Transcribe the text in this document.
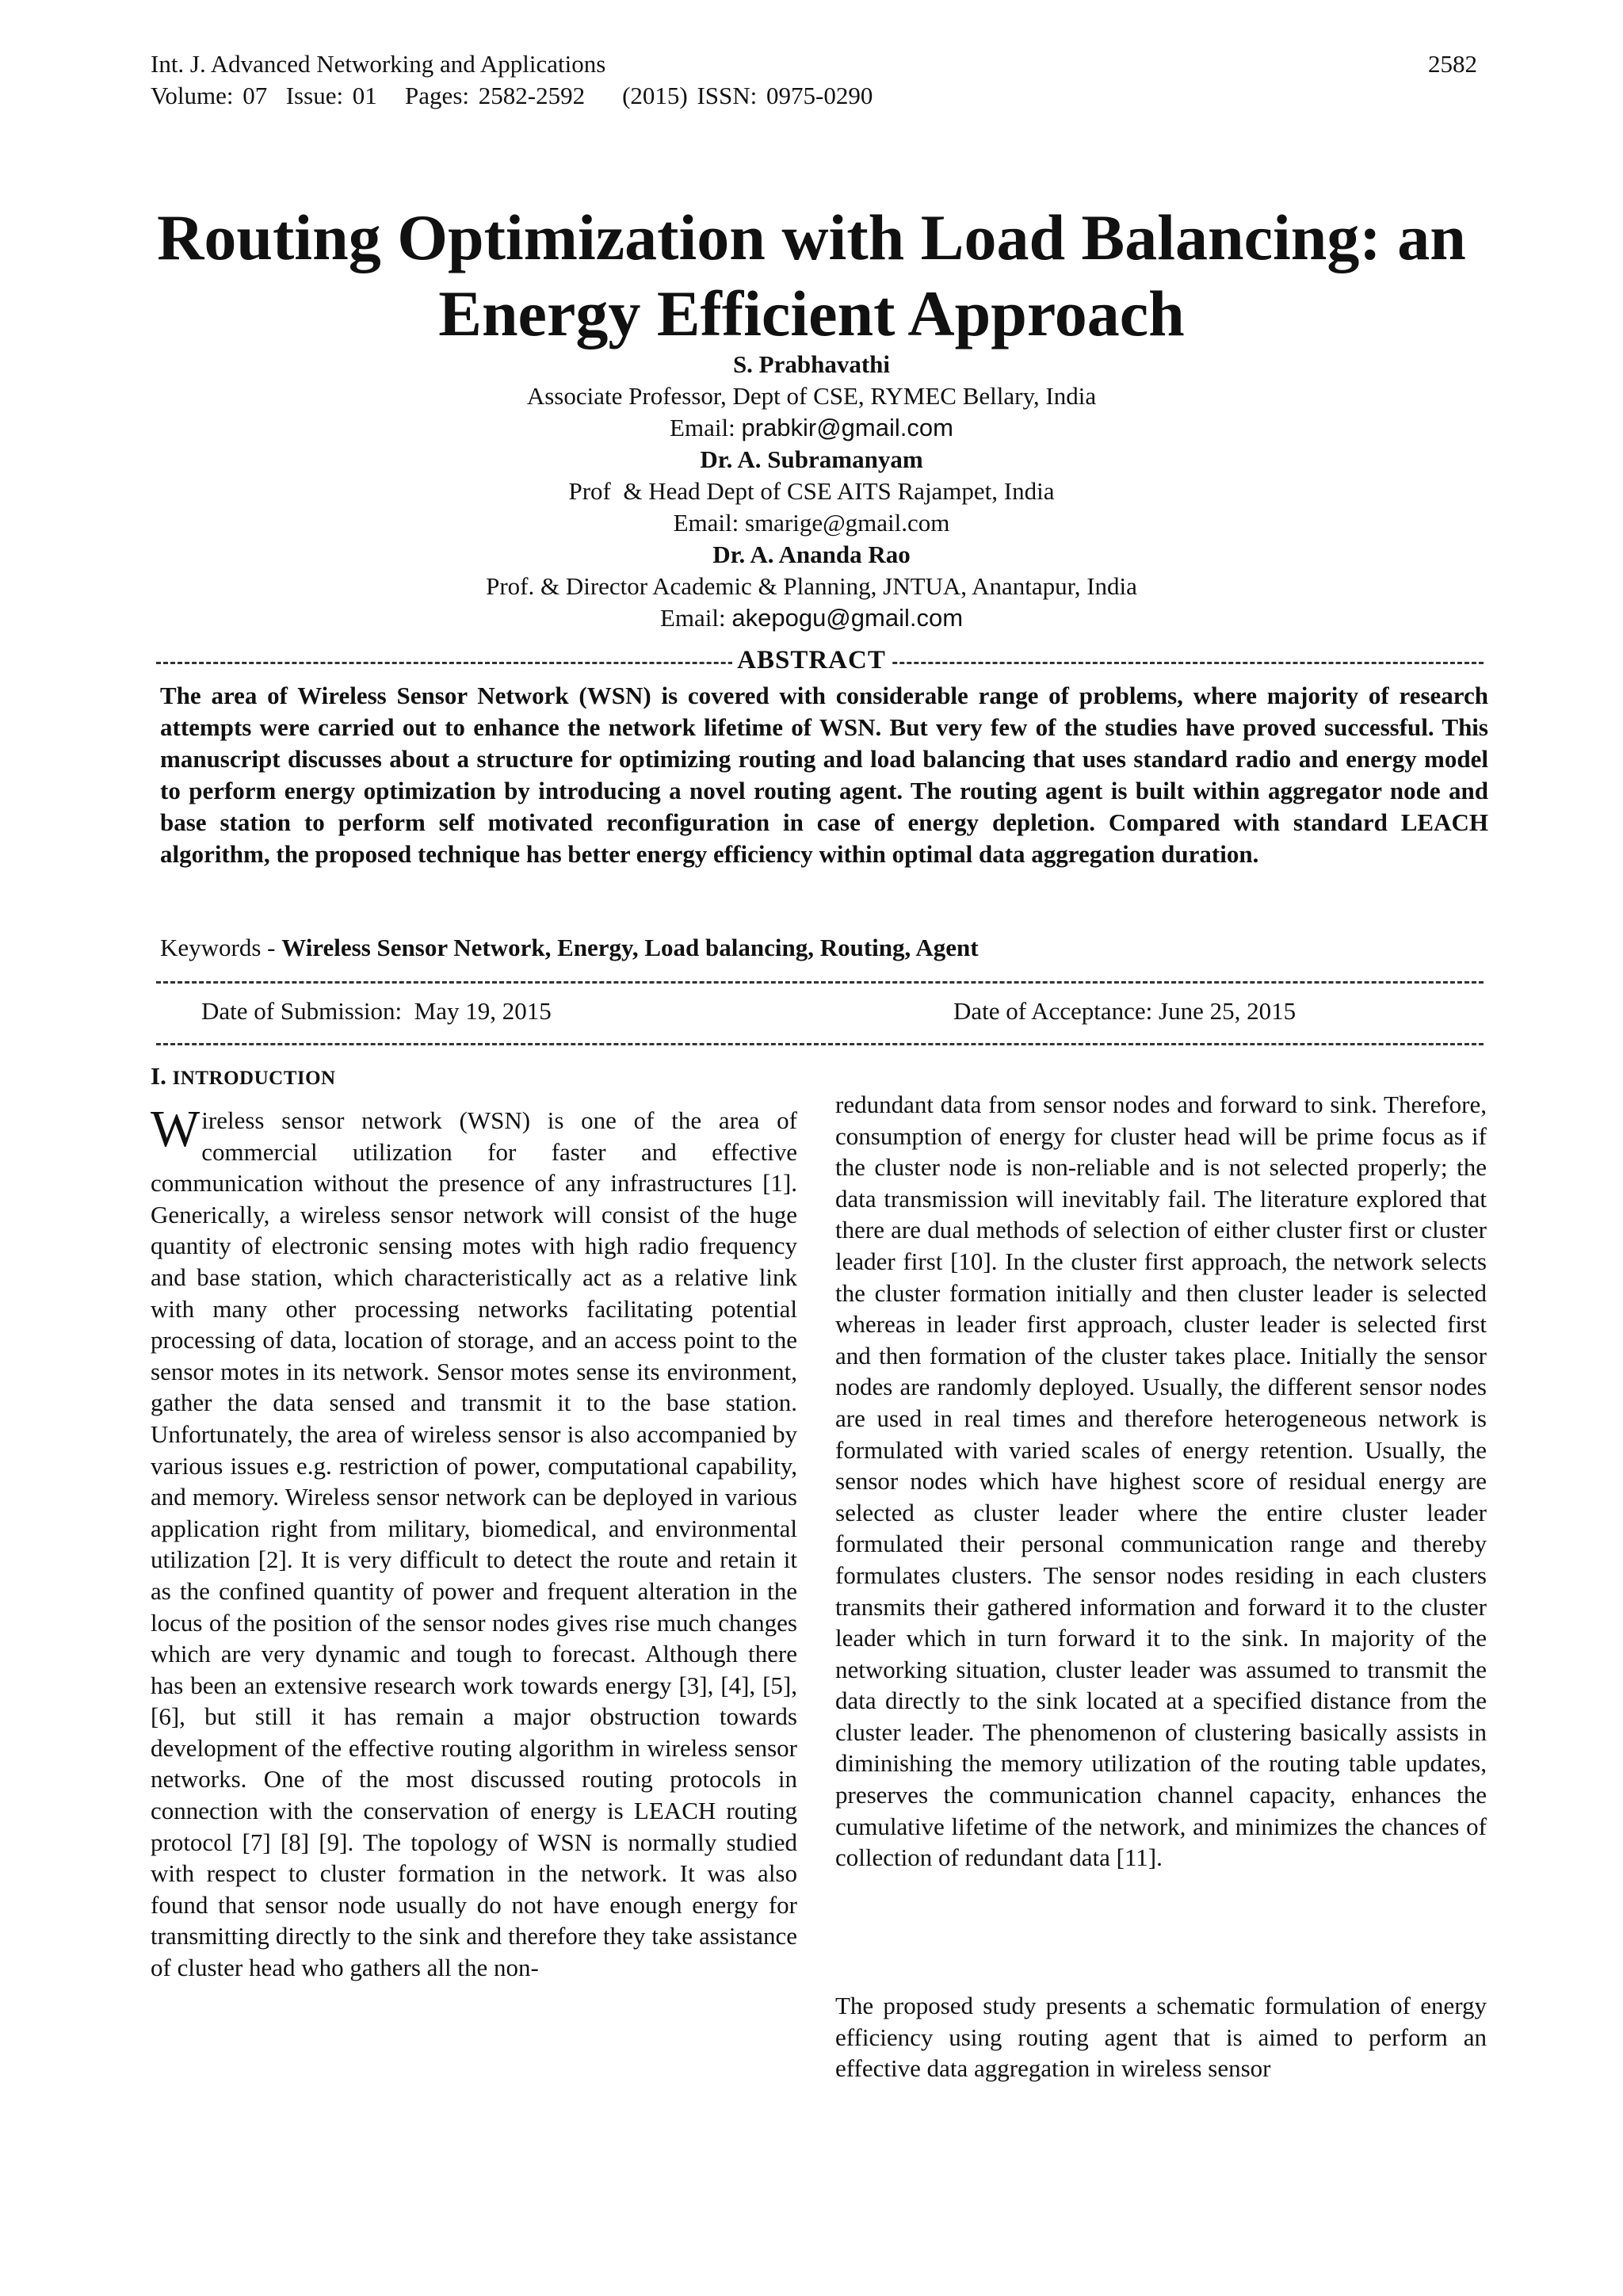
Int. J. Advanced Networking and Applications
Volume: 07  Issue: 01   Pages: 2582-2592    (2015) ISSN: 0975-0290
2582
Routing Optimization with Load Balancing: an Energy Efficient Approach
S. Prabhavathi
Associate Professor, Dept of CSE, RYMEC Bellary, India
Email: prabkir@gmail.com
Dr. A. Subramanyam
Prof  & Head Dept of CSE AITS Rajampet, India
Email: smarige@gmail.com
Dr. A. Ananda Rao
Prof. & Director Academic & Planning, JNTUA, Anantapur, India
Email: akepogu@gmail.com
ABSTRACT

The area of Wireless Sensor Network (WSN) is covered with considerable range of problems, where majority of research attempts were carried out to enhance the network lifetime of WSN. But very few of the studies have proved successful. This manuscript discusses about a structure for optimizing routing and load balancing that uses standard radio and energy model to perform energy optimization by introducing a novel routing agent. The routing agent is built within aggregator node and base station to perform self motivated reconfiguration in case of energy depletion. Compared with standard LEACH algorithm, the proposed technique has better energy efficiency within optimal data aggregation duration.

Keywords - Wireless Sensor Network, Energy, Load balancing, Routing, Agent
Date of Submission:  May 19, 2015	Date of Acceptance: June 25, 2015
I. INTRODUCTION

Wireless sensor network (WSN) is one of the area of commercial utilization for faster and effective communication without the presence of any infrastructures [1]. Generically, a wireless sensor network will consist of the huge quantity of electronic sensing motes with high radio frequency and base station, which characteristically act as a relative link with many other processing networks facilitating potential processing of data, location of storage, and an access point to the sensor motes in its network. Sensor motes sense its environment, gather the data sensed and transmit it to the base station. Unfortunately, the area of wireless sensor is also accompanied by various issues e.g. restriction of power, computational capability, and memory. Wireless sensor network can be deployed in various application right from military, biomedical, and environmental utilization [2]. It is very difficult to detect the route and retain it as the confined quantity of power and frequent alteration in the locus of the position of the sensor nodes gives rise much changes which are very dynamic and tough to forecast. Although there has been an extensive research work towards energy [3], [4], [5], [6], but still it has remain a major obstruction towards development of the effective routing algorithm in wireless sensor networks. One of the most discussed routing protocols in connection with the conservation of energy is LEACH routing protocol [7] [8] [9]. The topology of WSN is normally studied with respect to cluster formation in the network. It was also found that sensor node usually do not have enough energy for transmitting directly to the sink and therefore they take assistance of cluster head who gathers all the non-

redundant data from sensor nodes and forward to sink. Therefore, consumption of energy for cluster head will be prime focus as if the cluster node is non-reliable and is not selected properly; the data transmission will inevitably fail. The literature explored that there are dual methods of selection of either cluster first or cluster leader first [10]. In the cluster first approach, the network selects the cluster formation initially and then cluster leader is selected whereas in leader first approach, cluster leader is selected first and then formation of the cluster takes place. Initially the sensor nodes are randomly deployed. Usually, the different sensor nodes are used in real times and therefore heterogeneous network is formulated with varied scales of energy retention. Usually, the sensor nodes which have highest score of residual energy are selected as cluster leader where the entire cluster leader formulated their personal communication range and thereby formulates clusters. The sensor nodes residing in each clusters transmits their gathered information and forward it to the cluster leader which in turn forward it to the sink. In majority of the networking situation, cluster leader was assumed to transmit the data directly to the sink located at a specified distance from the cluster leader. The phenomenon of clustering basically assists in diminishing the memory utilization of the routing table updates, preserves the communication channel capacity, enhances the cumulative lifetime of the network, and minimizes the chances of collection of redundant data [11].

The proposed study presents a schematic formulation of energy efficiency using routing agent that is aimed to perform an effective data aggregation in wireless sensor
